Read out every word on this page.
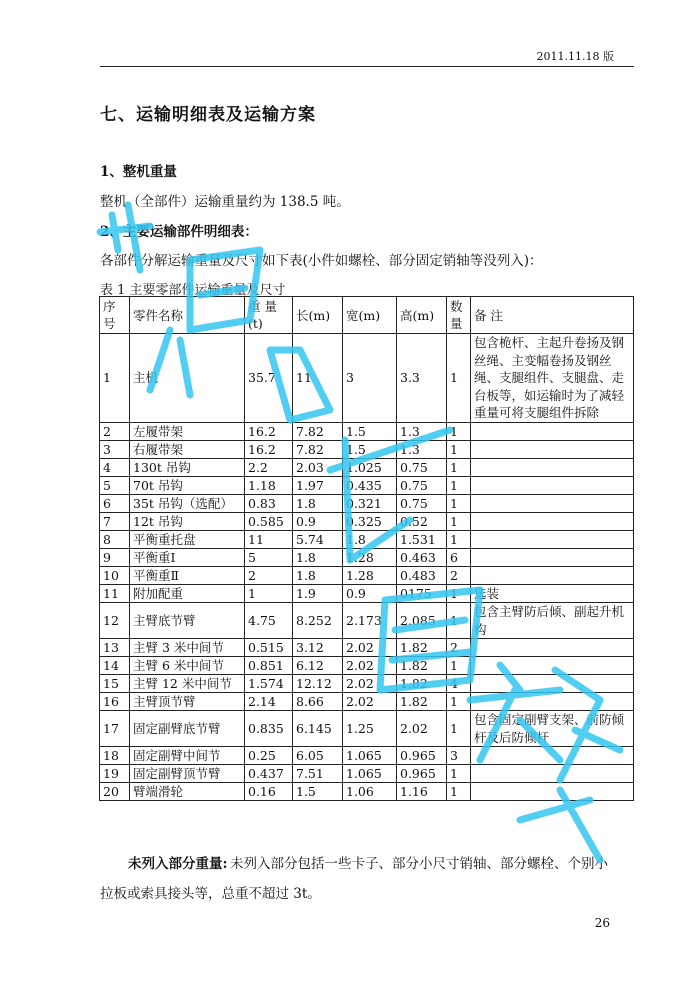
2011.11.18 版
七、运输明细表及运输方案
1、整机重量
整机（全部件）运输重量约为 138.5 吨。
2、主要运输部件明细表：
各部件分解运输重量及尺寸如下表(小件如螺栓、部分固定销轴等没列入)：
表 1 主要零部件运输重量及尺寸
序号	零件名称	重 量(t)	长(m)	宽(m)	高(m)	数量	备 注
1	主机	35.7	11	3	3.3	1	包含桅杆、主起升卷扬及钢丝绳、主变幅卷扬及钢丝绳、支腿组件、支腿盘、走台板等，如运输时为了减轻重量可将支腿组件拆除
2	左履带架	16.2	7.82	1.5	1.3	1	
3	右履带架	16.2	7.82	1.5	1.3	1	
4	130t 吊钩	2.2	2.03	1.025	0.75	1	
5	70t 吊钩	1.18	1.97	0.435	0.75	1	
6	35t 吊钩（选配）	0.83	1.8	0.321	0.75	1	
7	12t 吊钩	0.585	0.9	0.325	0.52	1	
8	平衡重托盘	11	5.74	1.8	1.531	1	
9	平衡重Ⅰ	5	1.8	1.28	0.463	6	
10	平衡重Ⅱ	2	1.8	1.28	0.483	2	
11	附加配重	1	1.9	0.9	0175	1	选装
12	主臂底节臂	4.75	8.252	2.173	2.085	1	包含主臂防后倾、副起升机构
13	主臂 3 米中间节	0.515	3.12	2.02	1.82	2	
14	主臂 6 米中间节	0.851	6.12	2.02	1.82	1	
15	主臂 12 米中间节	1.574	12.12	2.02	1.82	4	
16	主臂顶节臂	2.14	8.66	2.02	1.82	1	
17	固定副臂底节臂	0.835	6.145	1.25	2.02	1	包含固定副臂支架、前防倾杆及后防倾杆
18	固定副臂中间节	0.25	6.05	1.065	0.965	3	
19	固定副臂顶节臂	0.437	7.51	1.065	0.965	1	
20	臂端滑轮	0.16	1.5	1.06	1.16	1	
未列入部分重量: 未列入部分包括一些卡子、部分小尺寸销轴、部分螺栓、个别小
拉板或索具接头等，总重不超过 3t。
26
